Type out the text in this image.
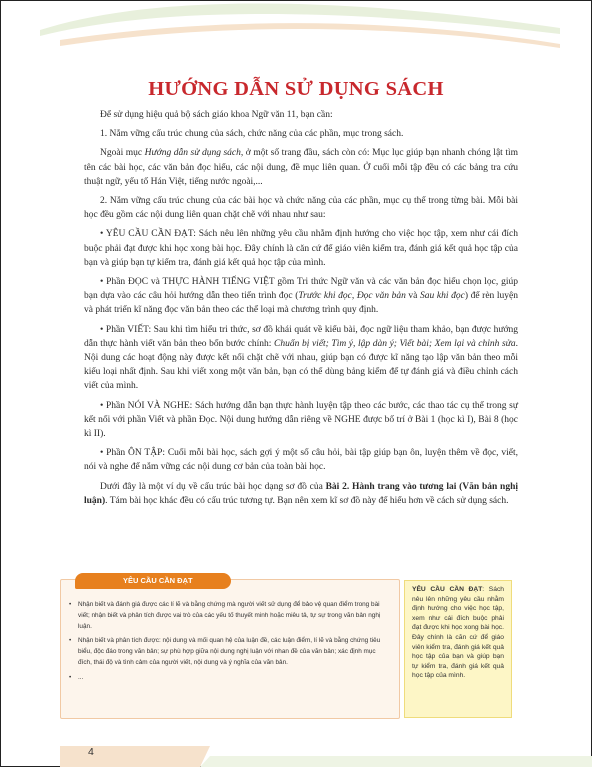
HƯỚNG DẪN SỬ DỤNG SÁCH

Để sử dụng hiệu quả bộ sách giáo khoa Ngữ văn 11, bạn cần:

1. Nắm vững cấu trúc chung của sách, chức năng của các phần, mục trong sách.

Ngoài mục Hướng dẫn sử dụng sách, ở một số trang đầu, sách còn có: Mục lục giúp bạn nhanh chóng lật tìm tên các bài học, các văn bản đọc hiểu, các nội dung, đề mục liên quan. Ở cuối mỗi tập đều có các bảng tra cứu thuật ngữ, yếu tố Hán Việt, tiếng nước ngoài,...

2. Nắm vững cấu trúc chung của các bài học và chức năng của các phần, mục cụ thể trong từng bài. Mỗi bài học đều gồm các nội dung liên quan chặt chẽ với nhau như sau:

• YÊU CẦU CẦN ĐẠT: Sách nêu lên những yêu cầu nhằm định hướng cho việc học tập, xem như cái đích buộc phải đạt được khi học xong bài học. Đây chính là căn cứ để giáo viên kiểm tra, đánh giá kết quả học tập của bạn và giúp bạn tự kiểm tra, đánh giá kết quả học tập của mình.

• Phần ĐỌC và THỰC HÀNH TIẾNG VIỆT gồm Tri thức Ngữ văn và các văn bản đọc hiểu chọn lọc, giúp bạn dựa vào các câu hỏi hướng dẫn theo tiến trình đọc (Trước khi đọc, Đọc văn bản và Sau khi đọc) để rèn luyện và phát triển kĩ năng đọc văn bản theo các thể loại mà chương trình quy định.

• Phần VIẾT: Sau khi tìm hiểu tri thức, sơ đồ khái quát về kiểu bài, đọc ngữ liệu tham khảo, bạn được hướng dẫn thực hành viết văn bản theo bốn bước chính: Chuẩn bị viết; Tìm ý, lập dàn ý; Viết bài; Xem lại và chỉnh sửa. Nội dung các hoạt động này được kết nối chặt chẽ với nhau, giúp bạn có được kĩ năng tạo lập văn bản theo mỗi kiểu loại nhất định. Sau khi viết xong một văn bản, bạn có thể dùng bảng kiểm để tự đánh giá và điều chỉnh cách viết của mình.

• Phần NÓI VÀ NGHE: Sách hướng dẫn bạn thực hành luyện tập theo các bước, các thao tác cụ thể trong sự kết nối với phần Viết và phần Đọc. Nội dung hướng dẫn riêng về NGHE được bố trí ở Bài 1 (học kì I), Bài 8 (học kì II).

• Phần ÔN TẬP: Cuối mỗi bài học, sách gợi ý một số câu hỏi, bài tập giúp bạn ôn, luyện thêm về đọc, viết, nói và nghe để nắm vững các nội dung cơ bản của toàn bài học.

Dưới đây là một ví dụ về cấu trúc bài học dạng sơ đồ của Bài 2. Hành trang vào tương lai (Văn bản nghị luận). Tám bài học khác đều có cấu trúc tương tự. Bạn nên xem kĩ sơ đồ này để hiểu hơn về cách sử dụng sách.

YÊU CẦU CẦN ĐẠT
• Nhận biết và đánh giá được các lí lẽ và bằng chứng mà người viết sử dụng để bảo vệ quan điểm trong bài viết; nhận biết và phân tích được vai trò của các yếu tố thuyết minh hoặc miêu tả, tự sự trong văn bản nghị luận.
• Nhận biết và phân tích được: nội dung và mối quan hệ của luận đề, các luận điểm, lí lẽ và bằng chứng tiêu biểu, độc đáo trong văn bản; sự phù hợp giữa nội dung nghị luận với nhan đề của văn bản; xác định mục đích, thái độ và tình cảm của người viết, nội dung và ý nghĩa của văn bản.
• ...
YÊU CẦU CẦN ĐẠT: Sách nêu lên những yêu cầu nhằm định hướng cho việc học tập, xem như cái đích buộc phải đạt được khi học xong bài học. Đây chính là căn cứ để giáo viên kiểm tra, đánh giá kết quả học tập của bạn và giúp bạn tự kiểm tra, đánh giá kết quả học tập của mình.
4
